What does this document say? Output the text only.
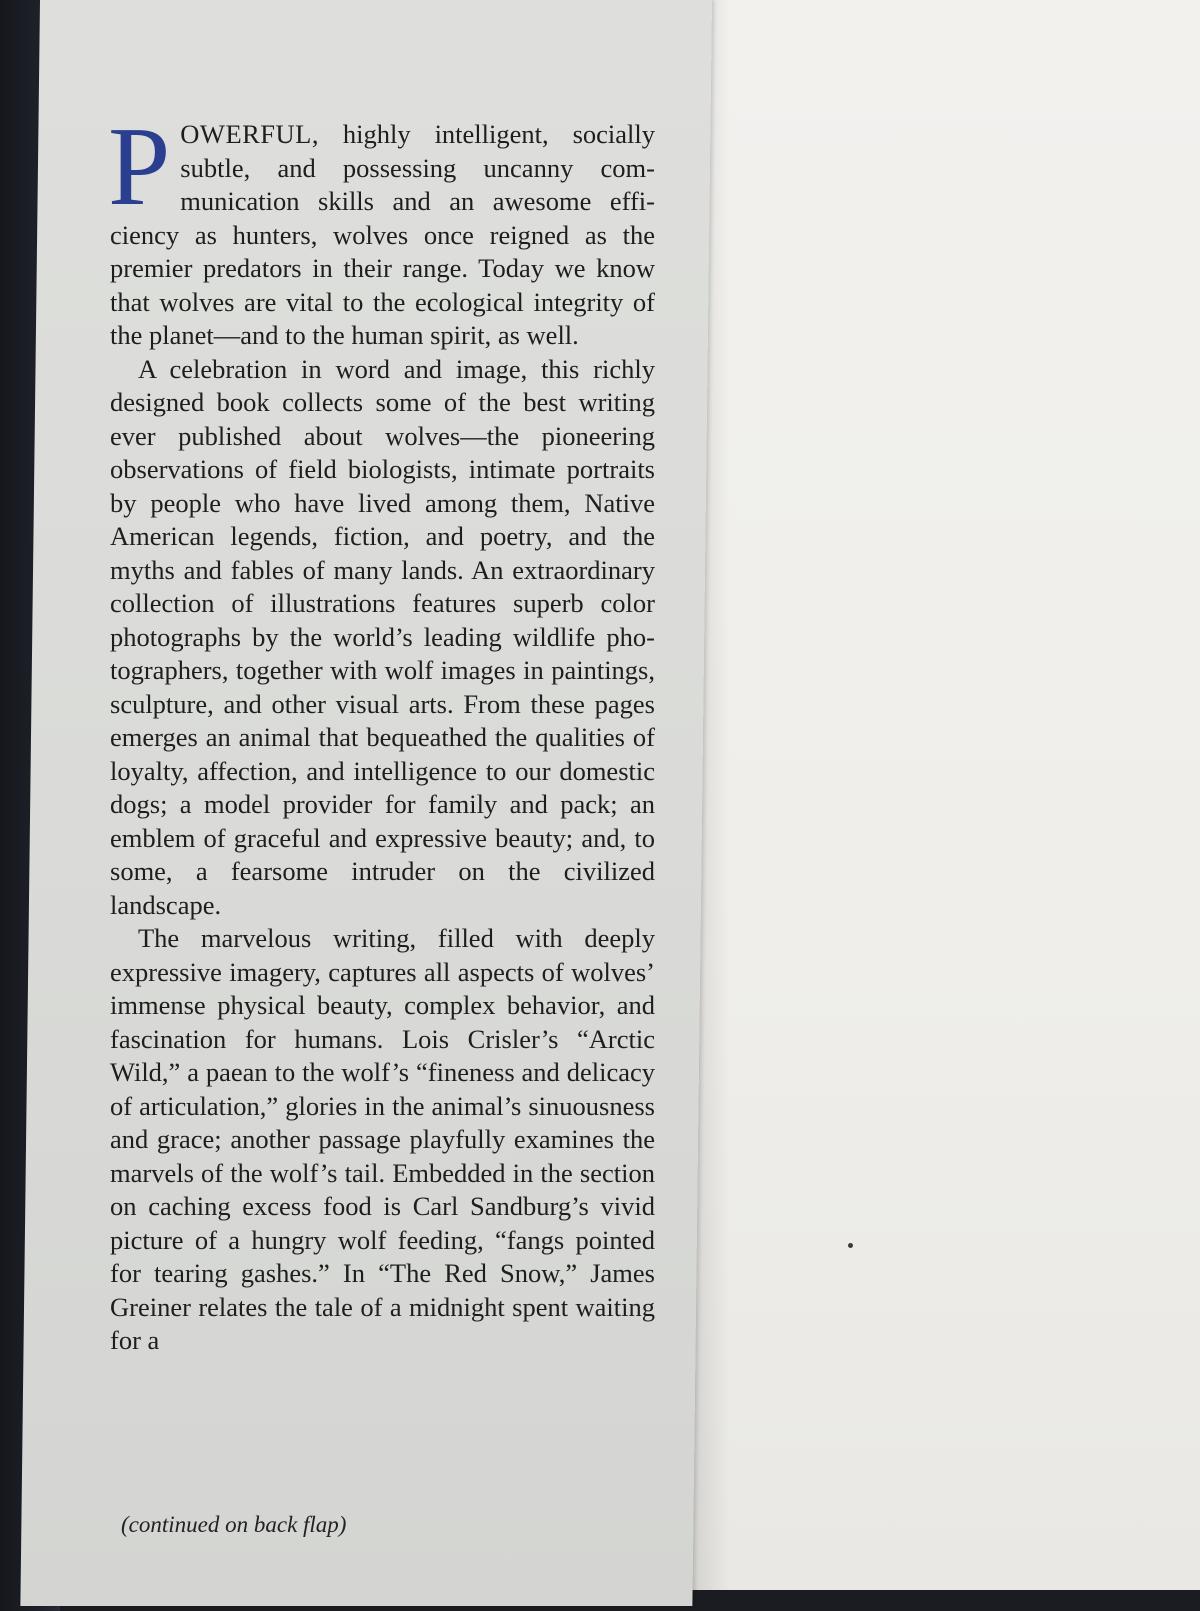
POWERFUL, highly intelligent, socially subtle, and possessing uncanny communication skills and an awesome efficiency as hunters, wolves once reigned as the premier predators in their range. Today we know that wolves are vital to the ecological integrity of the planet—and to the human spirit, as well.

A celebration in word and image, this richly designed book collects some of the best writing ever published about wolves—the pioneering observations of field biologists, intimate portraits by people who have lived among them, Native American legends, fiction, and poetry, and the myths and fables of many lands. An extraordinary collection of illustrations features superb color photographs by the world’s leading wildlife photographers, together with wolf images in paintings, sculpture, and other visual arts. From these pages emerges an animal that bequeathed the qualities of loyalty, affection, and intelligence to our domestic dogs; a model provider for family and pack; an emblem of graceful and expressive beauty; and, to some, a fearsome intruder on the civilized landscape.

The marvelous writing, filled with deeply expressive imagery, captures all aspects of wolves’ immense physical beauty, complex behavior, and fascination for humans. Lois Crisler’s “Arctic Wild,” a paean to the wolf’s “fineness and delicacy of articulation,” glories in the animal’s sinuousness and grace; another passage playfully examines the marvels of the wolf’s tail. Embedded in the section on caching excess food is Carl Sandburg’s vivid picture of a hungry wolf feeding, “fangs pointed for tearing gashes.” In “The Red Snow,” James Greiner relates the tale of a midnight spent waiting for a

(continued on back flap)
